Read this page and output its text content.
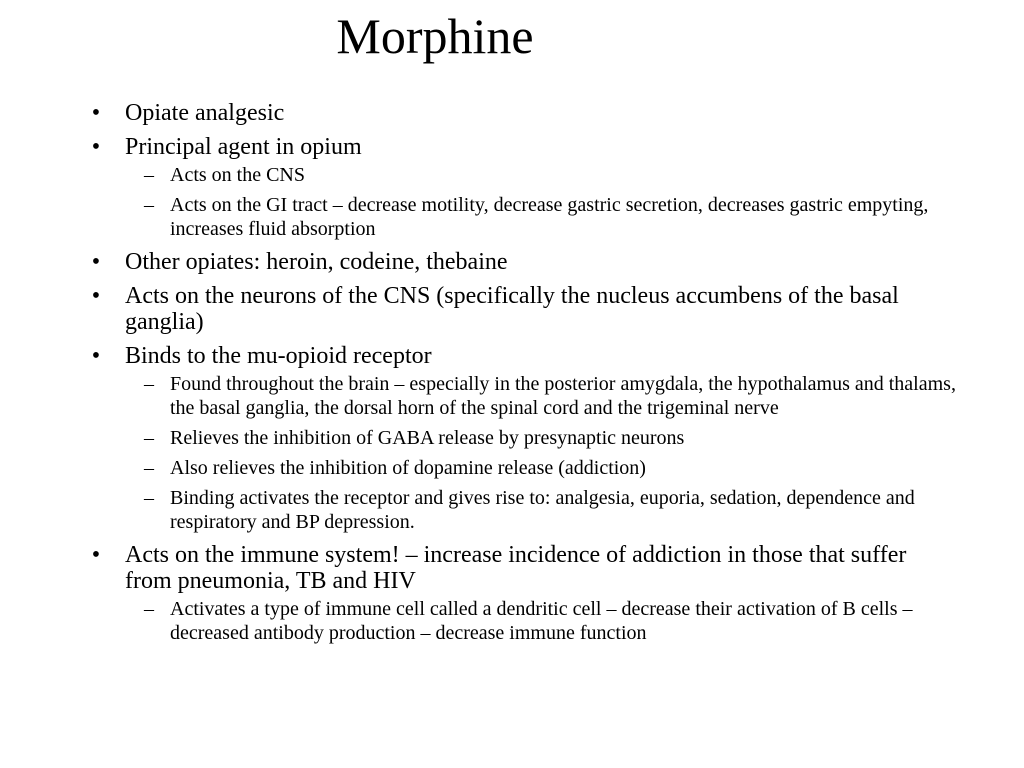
Morphine
• Opiate analgesic
• Principal agent in opium
– Acts on the CNS
– Acts on the GI tract – decrease motility, decrease gastric secretion, decreases gastric empyting, increases fluid absorption
• Other opiates: heroin, codeine, thebaine
• Acts on the neurons of the CNS (specifically the nucleus accumbens of the basal ganglia)
• Binds to the mu-opioid receptor
– Found throughout the brain – especially in the posterior amygdala, the hypothalamus and thalams, the basal ganglia, the dorsal horn of the spinal cord and the trigeminal nerve
– Relieves the inhibition of GABA release by presynaptic neurons
– Also relieves the inhibition of dopamine release (addiction)
– Binding activates the receptor and gives rise to: analgesia, euporia, sedation, dependence and respiratory and BP depression.
• Acts on the immune system! – increase incidence of addiction in those that suffer from pneumonia, TB and HIV
– Activates a type of immune cell called a dendritic cell – decrease their activation of B cells – decreased antibody production – decrease immune function
